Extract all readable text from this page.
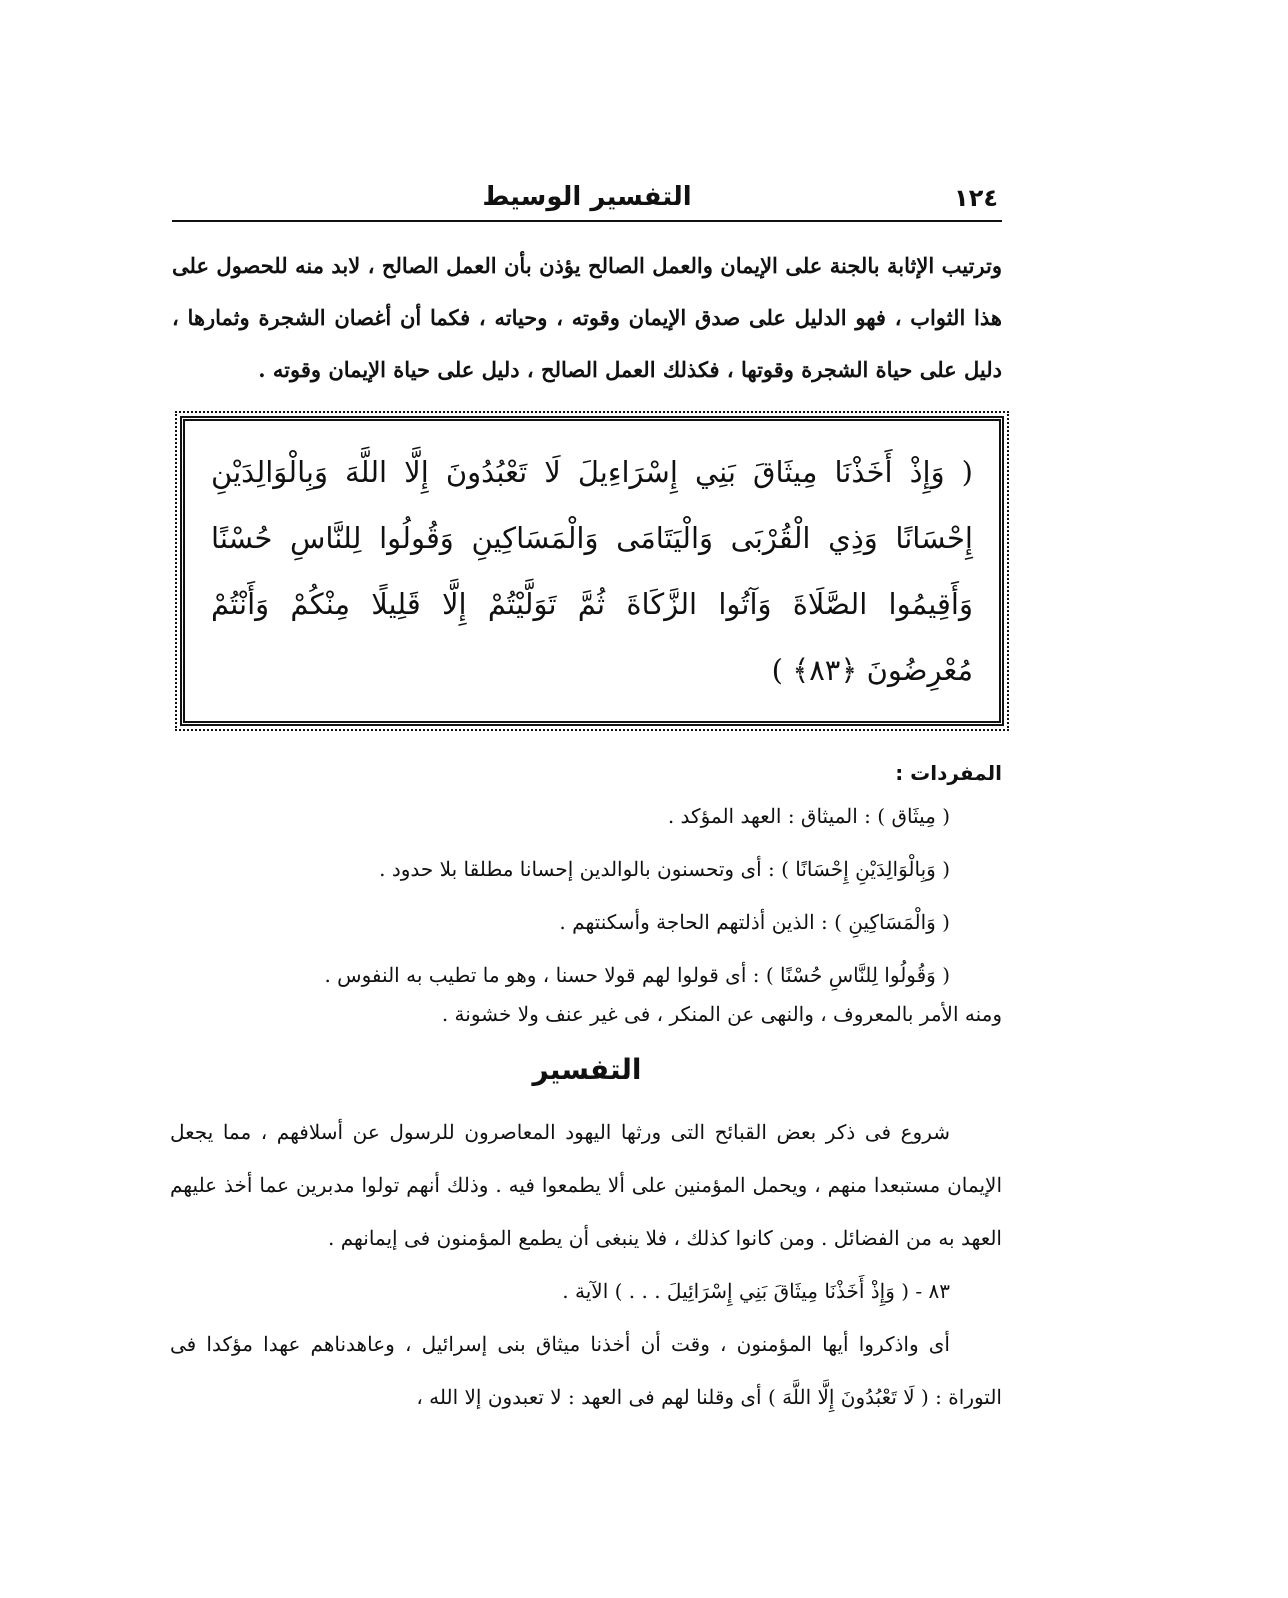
١٢٤
التفسير الوسيط

وترتيب الإثابة بالجنة على الإيمان والعمل الصالح يؤذن بأن العمل الصالح ، لابد منه للحصول على هذا الثواب ، فهو الدليل على صدق الإيمان وقوته ، وحياته ، فكما أن أغصان الشجرة وثمارها ، دليل على حياة الشجرة وقوتها ، فكذلك العمل الصالح ، دليل على حياة الإيمان وقوته .

( وَإِذْ أَخَذْنَا مِيثَاقَ بَنِي إِسْرَاءِيلَ لَا تَعْبُدُونَ إِلَّا اللَّهَ وَبِالْوَالِدَيْنِ إِحْسَانًا وَذِي الْقُرْبَى وَالْيَتَامَى وَالْمَسَاكِينِ وَقُولُوا لِلنَّاسِ حُسْنًا وَأَقِيمُوا الصَّلَاةَ وَآتُوا الزَّكَاةَ ثُمَّ تَوَلَّيْتُمْ إِلَّا قَلِيلًا مِنْكُمْ وَأَنْتُمْ مُعْرِضُونَ ﴿٨٣﴾ )
المفردات :
( مِيثَاق ) : الميثاق : العهد المؤكد .
( وَبِالْوَالِدَيْنِ إِحْسَانًا ) : أى وتحسنون بالوالدين إحسانا مطلقا بلا حدود .
( وَالْمَسَاكِينِ ) : الذين أذلتهم الحاجة وأسكنتهم .
( وَقُولُوا لِلنَّاسِ حُسْنًا ) : أى قولوا لهم قولا حسنا ، وهو ما تطيب به النفوس .

ومنه الأمر بالمعروف ، والنهى عن المنكر ، فى غير عنف ولا خشونة .

التفسير

شروع فى ذكر بعض القبائح التى ورثها اليهود المعاصرون للرسول عن أسلافهم ، مما يجعل الإيمان مستبعدا منهم ، ويحمل المؤمنين على ألا يطمعوا فيه . وذلك أنهم تولوا مدبرين عما أخذ عليهم العهد به من الفضائل . ومن كانوا كذلك ، فلا ينبغى أن يطمع المؤمنون فى إيمانهم .

٨٣ - ( وَإِذْ أَخَذْنَا مِيثَاقَ بَنِي إِسْرَائِيلَ . . . ) الآية .

أى واذكروا أيها المؤمنون ، وقت أن أخذنا ميثاق بنى إسرائيل ، وعاهدناهم عهدا مؤكدا فى التوراة : ( لَا تَعْبُدُونَ إِلَّا اللَّهَ ) أى وقلنا لهم فى العهد : لا تعبدون إلا الله ،
